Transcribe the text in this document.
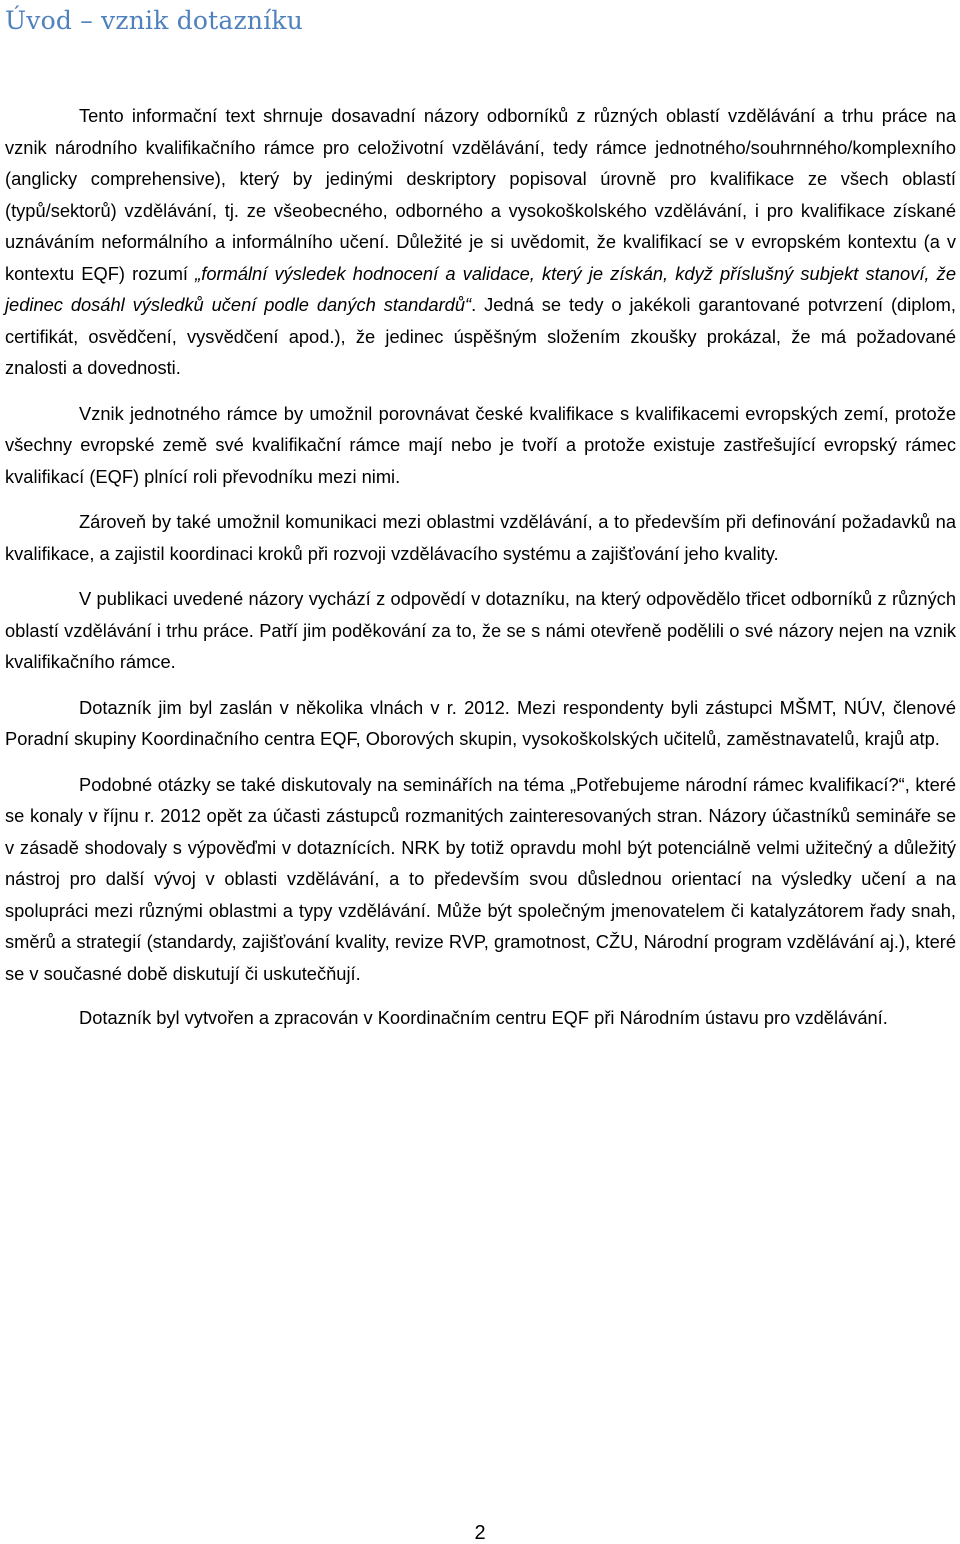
Úvod – vznik dotazníku

Tento informační text shrnuje dosavadní názory odborníků z různých oblastí vzdělávání a trhu práce na vznik národního kvalifikačního rámce pro celoživotní vzdělávání, tedy rámce jednotného/souhrnného/komplexního (anglicky comprehensive), který by jedinými deskriptory popisoval úrovně pro kvalifikace ze všech oblastí (typů/sektorů) vzdělávání, tj. ze všeobecného, odborného a vysokoškolského vzdělávání, i pro kvalifikace získané uznáváním neformálního a informálního učení. Důležité je si uvědomit, že kvalifikací se v evropském kontextu (a v kontextu EQF) rozumí „formální výsledek hodnocení a validace, který je získán, když příslušný subjekt stanoví, že jedinec dosáhl výsledků učení podle daných standardů“. Jedná se tedy o jakékoli garantované potvrzení (diplom, certifikát, osvědčení, vysvědčení apod.), že jedinec úspěšným složením zkoušky prokázal, že má požadované znalosti a dovednosti.

Vznik jednotného rámce by umožnil porovnávat české kvalifikace s kvalifikacemi evropských zemí, protože všechny evropské země své kvalifikační rámce mají nebo je tvoří a protože existuje zastřešující evropský rámec kvalifikací (EQF) plnící roli převodníku mezi nimi.

Zároveň by také umožnil komunikaci mezi oblastmi vzdělávání, a to především při definování požadavků na kvalifikace, a zajistil koordinaci kroků při rozvoji vzdělávacího systému a zajišťování jeho kvality.

V publikaci uvedené názory vychází z odpovědí v dotazníku, na který odpovědělo třicet odborníků z různých oblastí vzdělávání i trhu práce. Patří jim poděkování za to, že se s námi otevřeně podělili o své názory nejen na vznik kvalifikačního rámce.

Dotazník jim byl zaslán v několika vlnách v r. 2012. Mezi respondenty byli zástupci MŠMT, NÚV, členové Poradní skupiny Koordinačního centra EQF, Oborových skupin, vysokoškolských učitelů, zaměstnavatelů, krajů atp.

Podobné otázky se také diskutovaly na seminářích na téma „Potřebujeme národní rámec kvalifikací?“, které se konaly v říjnu r. 2012 opět za účasti zástupců rozmanitých zainteresovaných stran. Názory účastníků semináře se v zásadě shodovaly s výpověďmi v dotaznících. NRK by totiž opravdu mohl být potenciálně velmi užitečný a důležitý nástroj pro další vývoj v oblasti vzdělávání, a to především svou důslednou orientací na výsledky učení a na spolupráci mezi různými oblastmi a typy vzdělávání. Může být společným jmenovatelem či katalyzátorem řady snah, směrů a strategií (standardy, zajišťování kvality, revize RVP, gramotnost, CŽU, Národní program vzdělávání aj.), které se v současné době diskutují či uskutečňují.

Dotazník byl vytvořen a zpracován v Koordinačním centru EQF při Národním ústavu pro vzdělávání.

2
